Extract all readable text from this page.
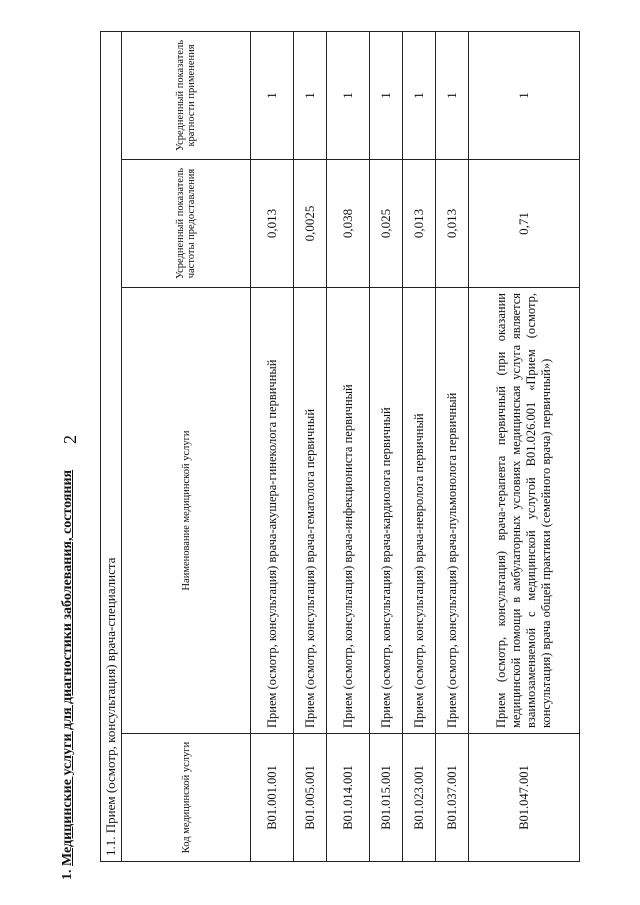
2
1. Медицинские услуги для диагностики заболевания, состояния 1.1. Прием (осмотр, консультация) врача-специалиста			
Код медицинской услуги	Наименование медицинской услуги	Усредненный показатель частоты предоставления	Усредненный показатель кратности применения
B01.001.001	Прием (осмотр, консультация) врача-акушера-гинеколога первичный	0,013	1
B01.005.001	Прием (осмотр, консультация) врача-гематолога первичный	0,0025	1
B01.014.001	Прием (осмотр, консультация) врача-инфекциониста первичный	0,038	1
B01.015.001	Прием (осмотр, консультация) врача-кардиолога первичный	0,025	1
B01.023.001	Прием (осмотр, консультация) врача-невролога первичный	0,013	1
B01.037.001	Прием (осмотр, консультация) врача-пульмонолога первичный	0,013	1
B01.047.001	Прием (осмотр, консультация) врача-терапевта первичный (при оказании медицинской помощи в амбулаторных условиях медицинская услуга является взаимозаменяемой с медицинской услугой B01.026.001 «Прием (осмотр, консультация) врача общей практики (семейного врача) первичный»)	0,71	1
